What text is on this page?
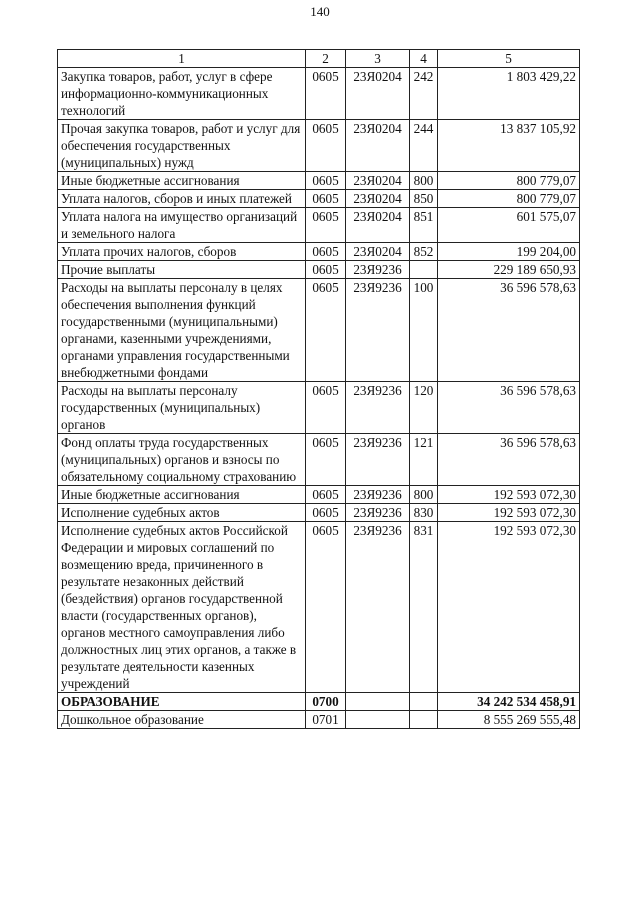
140
1	2	3	4	5
Закупка товаров, работ, услуг в сфере информационно-коммуникационных технологий	0605	23Я0204	242	1 803 429,22
Прочая закупка товаров, работ и услуг для обеспечения государственных (муниципальных) нужд	0605	23Я0204	244	13 837 105,92
Иные бюджетные ассигнования	0605	23Я0204	800	800 779,07
Уплата налогов, сборов и иных платежей	0605	23Я0204	850	800 779,07
Уплата налога на имущество организаций и земельного налога	0605	23Я0204	851	601 575,07
Уплата прочих налогов, сборов	0605	23Я0204	852	199 204,00
Прочие выплаты	0605	23Я9236		229 189 650,93
Расходы на выплаты персоналу в целях обеспечения выполнения функций государственными (муниципальными) органами, казенными учреждениями, органами управления государственными внебюджетными фондами	0605	23Я9236	100	36 596 578,63
Расходы на выплаты персоналу государственных (муниципальных) органов	0605	23Я9236	120	36 596 578,63
Фонд оплаты труда государственных (муниципальных) органов и взносы по обязательному социальному страхованию	0605	23Я9236	121	36 596 578,63
Иные бюджетные ассигнования	0605	23Я9236	800	192 593 072,30
Исполнение судебных актов	0605	23Я9236	830	192 593 072,30
Исполнение судебных актов Российской Федерации и мировых соглашений по возмещению вреда, причиненного в результате незаконных действий (бездействия) органов государственной власти (государственных органов), органов местного самоуправления либо должностных лиц этих органов, а также в результате деятельности казенных учреждений	0605	23Я9236	831	192 593 072,30
ОБРАЗОВАНИЕ	0700			34 242 534 458,91
Дошкольное образование	0701			8 555 269 555,48
